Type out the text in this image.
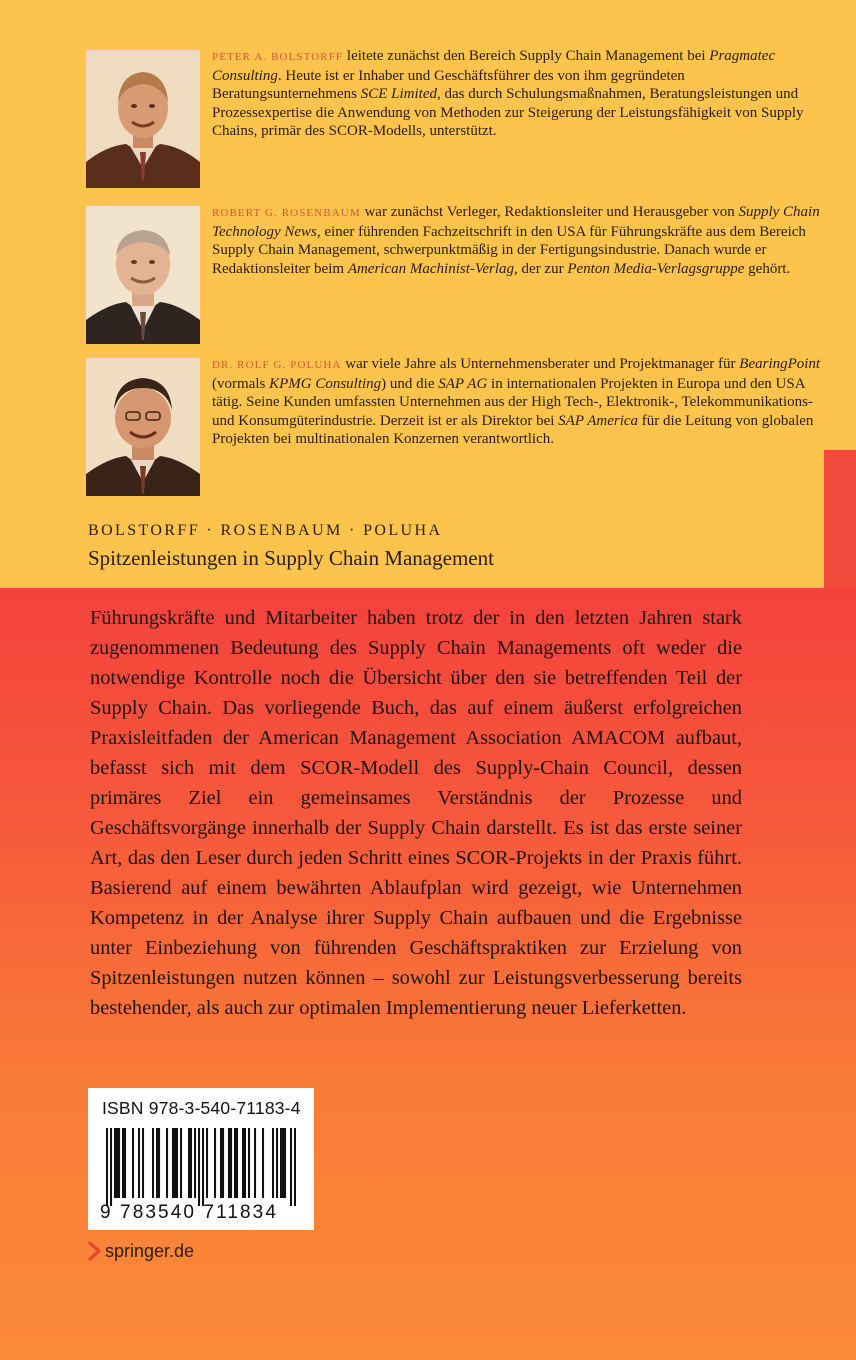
PETER A. BOLSTORFF leitete zunächst den Bereich Supply Chain Management bei Pragmatec Consulting. Heute ist er Inhaber und Geschäftsführer des von ihm gegründeten Beratungsunternehmens SCE Limited, das durch Schulungsmaßnahmen, Beratungsleistungen und Prozessexpertise die Anwendung von Methoden zur Steigerung der Leistungsfähigkeit von Supply Chains, primär des SCOR-Modells, unterstützt.

ROBERT G. ROSENBAUM war zunächst Verleger, Redaktionsleiter und Herausgeber von Supply Chain Technology News, einer führenden Fachzeitschrift in den USA für Führungskräfte aus dem Bereich Supply Chain Management, schwerpunktmäßig in der Fertigungsindustrie. Danach wurde er Redaktionsleiter beim American Machinist-Verlag, der zur Penton Media-Verlagsgruppe gehört.

DR. ROLF G. POLUHA war viele Jahre als Unternehmensberater und Projektmanager für BearingPoint (vormals KPMG Consulting) und die SAP AG in internationalen Projekten in Europa und den USA tätig. Seine Kunden umfassten Unternehmen aus der High Tech-, Elektronik-, Telekommunikations- und Konsumgüterindustrie. Derzeit ist er als Direktor bei SAP America für die Leitung von globalen Projekten bei multinationalen Konzernen verantwortlich.

BOLSTORFF · ROSENBAUM · POLUHA

Spitzenleistungen in Supply Chain Management

Führungskräfte und Mitarbeiter haben trotz der in den letzten Jahren stark zugenommenen Bedeutung des Supply Chain Managements oft weder die notwendige Kontrolle noch die Übersicht über den sie betreffenden Teil der Supply Chain. Das vorliegende Buch, das auf einem äußerst erfolgreichen Praxisleitfaden der American Management Association AMACOM aufbaut, befasst sich mit dem SCOR-Modell des Supply-Chain Council, dessen primäres Ziel ein gemeinsames Verständnis der Prozesse und Geschäftsvorgänge innerhalb der Supply Chain darstellt. Es ist das erste seiner Art, das den Leser durch jeden Schritt eines SCOR-Projekts in der Praxis führt. Basierend auf einem bewährten Ablaufplan wird gezeigt, wie Unternehmen Kompetenz in der Analyse ihrer Supply Chain aufbauen und die Ergebnisse unter Einbeziehung von führenden Geschäftspraktiken zur Erzielung von Spitzenleistungen nutzen können – sowohl zur Leistungsverbesserung bereits bestehender, als auch zur optimalen Implementierung neuer Lieferketten.

ISBN 978-3-540-71183-4

9 783540 711834

springer.de
